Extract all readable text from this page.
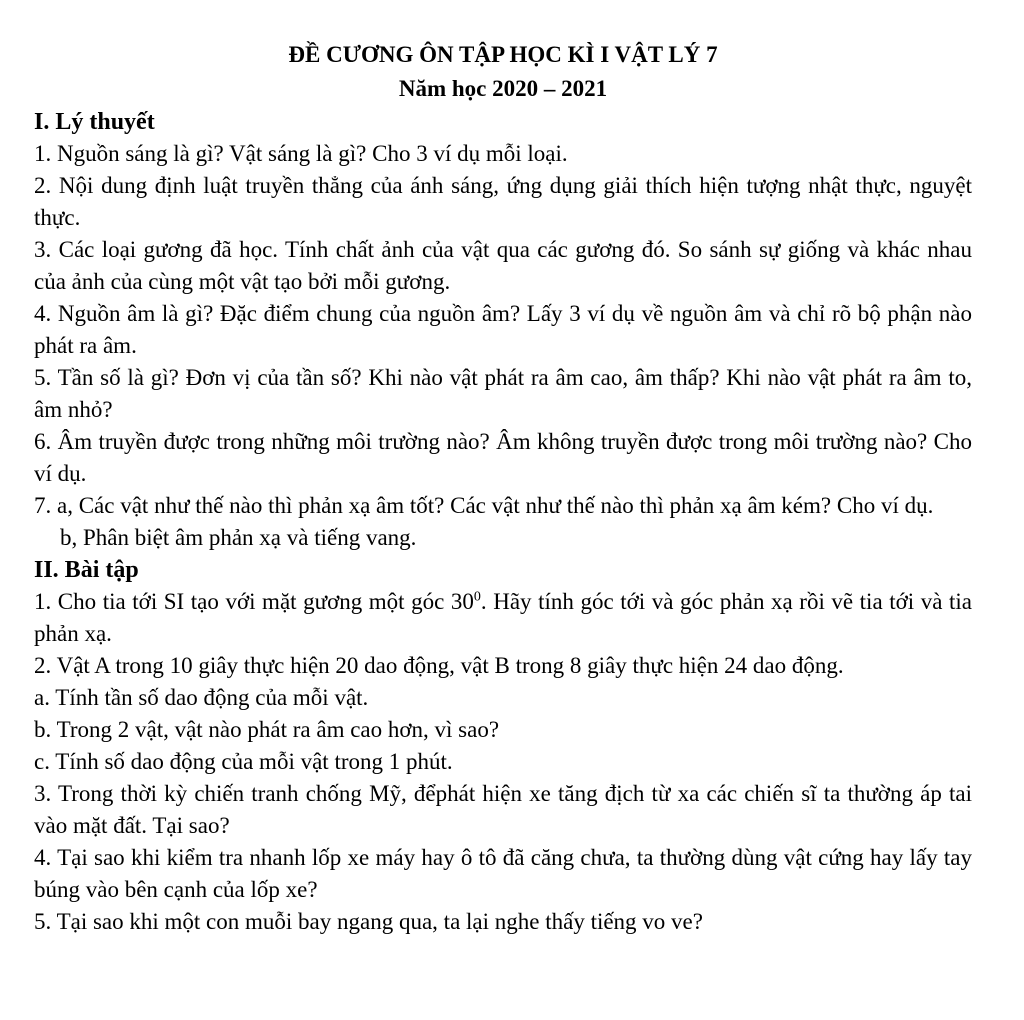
ĐỀ CƯƠNG ÔN TẬP HỌC KÌ I VẬT LÝ 7

Năm học 2020 – 2021

I. Lý thuyết

1. Nguồn sáng là gì? Vật sáng là gì? Cho 3 ví dụ mỗi loại.

2. Nội dung định luật truyền thẳng của ánh sáng, ứng dụng giải thích hiện tượng nhật thực, nguyệt thực.

3. Các loại gương đã học. Tính chất ảnh của vật qua các gương đó. So sánh sự giống và khác nhau của ảnh của cùng một vật tạo bởi mỗi gương.

4. Nguồn âm là gì? Đặc điểm chung của nguồn âm? Lấy 3 ví dụ về nguồn âm và chỉ rõ bộ phận nào phát ra âm.

5. Tần số là gì? Đơn vị của tần số? Khi nào vật phát ra âm cao, âm thấp? Khi nào vật phát ra âm to, âm nhỏ?

6. Âm truyền được trong những môi trường nào? Âm không truyền được trong môi trường nào? Cho ví dụ.

7. a, Các vật như thế nào thì phản xạ âm tốt? Các vật như thế nào thì phản xạ âm kém? Cho ví dụ.

b, Phân biệt âm phản xạ và tiếng vang.

II. Bài tập

1. Cho tia tới SI tạo với mặt gương một góc $30^0$. Hãy tính góc tới và góc phản xạ rồi vẽ tia tới và tia phản xạ.

2. Vật A trong 10 giây thực hiện 20 dao động, vật B trong 8 giây thực hiện 24 dao động.

a. Tính tần số dao động của mỗi vật.

b. Trong 2 vật, vật nào phát ra âm cao hơn, vì sao?

c. Tính số dao động của mỗi vật trong 1 phút.

3. Trong thời kỳ chiến tranh chống Mỹ, đểphát hiện xe tăng địch từ xa các chiến sĩ ta thường áp tai vào mặt đất. Tại sao?

4. Tại sao khi kiểm tra nhanh lốp xe máy hay ô tô đã căng chưa, ta thường dùng vật cứng hay lấy tay búng vào bên cạnh của lốp xe?

5. Tại sao khi một con muỗi bay ngang qua, ta lại nghe thấy tiếng vo ve?
